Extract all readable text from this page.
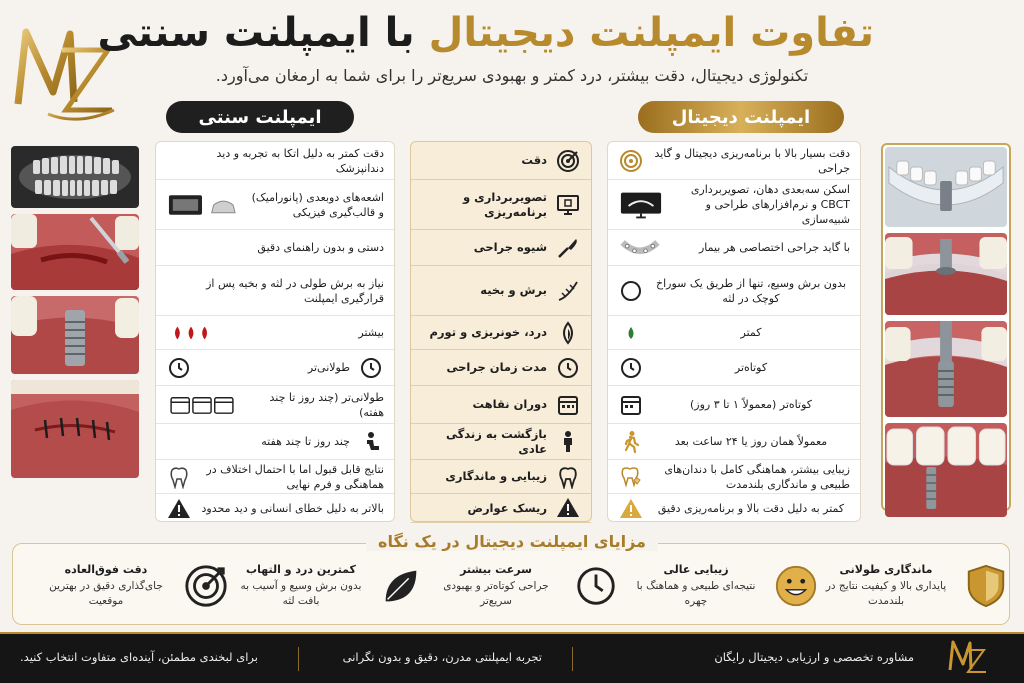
تفاوت ایمپلنت دیجیتال با ایمپلنت سنتی
تکنولوژی دیجیتال، دقت بیشتر، درد کمتر و بهبودی سریع‌تر را برای شما به ارمغان می‌آورد.
ایمپلنت دیجیتال
ایمپلنت سنتی
دقت کمتر به دلیل اتکا به تجربه و دید دندانپزشک
اشعه‌های دوبعدی (پانورامیک) و قالب‌گیری فیزیکی
دستی و بدون راهنمای دقیق
نیاز به برش طولی در لثه و بخیه پس از قرارگیری ایمپلنت
بیشتر
طولانی‌تر
طولانی‌تر (چند روز تا چند هفته)
چند روز تا چند هفته
نتایج قابل قبول اما با احتمال اختلاف در هماهنگی و فرم نهایی
بالاتر به دلیل خطای انسانی و دید محدود
دقت
تصویربرداری و برنامه‌ریزی
شیوه جراحی
برش و بخیه
درد، خونریزی و تورم
مدت زمان جراحی
دوران نقاهت
بازگشت به زندگی عادی
زیبایی و ماندگاری
ریسک عوارض
دقت بسیار بالا با برنامه‌ریزی دیجیتال و گاید جراحی
اسکن سه‌بعدی دهان، تصویربرداری CBCT و نرم‌افزارهای طراحی و شبیه‌سازی
با گاید جراحی اختصاصی هر بیمار
بدون برش وسیع، تنها از طریق یک سوراخ کوچک در لثه
کمتر
کوتاه‌تر
کوتاه‌تر (معمولاً ۱ تا ۳ روز)
معمولاً همان روز یا ۲۴ ساعت بعد
زیبایی بیشتر، هماهنگی کامل با دندان‌های طبیعی و ماندگاری بلندمدت
کمتر به دلیل دقت بالا و برنامه‌ریزی دقیق
مزایای ایمپلنت دیجیتال در یک نگاه
ماندگاری طولانی
پایداری بالا و کیفیت نتایج در بلندمدت
زیبایی عالی
نتیجه‌ای طبیعی و هماهنگ با چهره
سرعت بیشتر
جراحی کوتاه‌تر و بهبودی سریع‌تر
کمترین درد و التهاب
بدون برش وسیع و آسیب به بافت لثه
دقت فوق‌العاده
جای‌گذاری دقیق در بهترین موقعیت
مشاوره تخصصی و ارزیابی دیجیتال رایگان
تجربه ایمپلنتی مدرن، دقیق و بدون نگرانی
برای لبخندی مطمئن، آینده‌ای متفاوت انتخاب کنید.
